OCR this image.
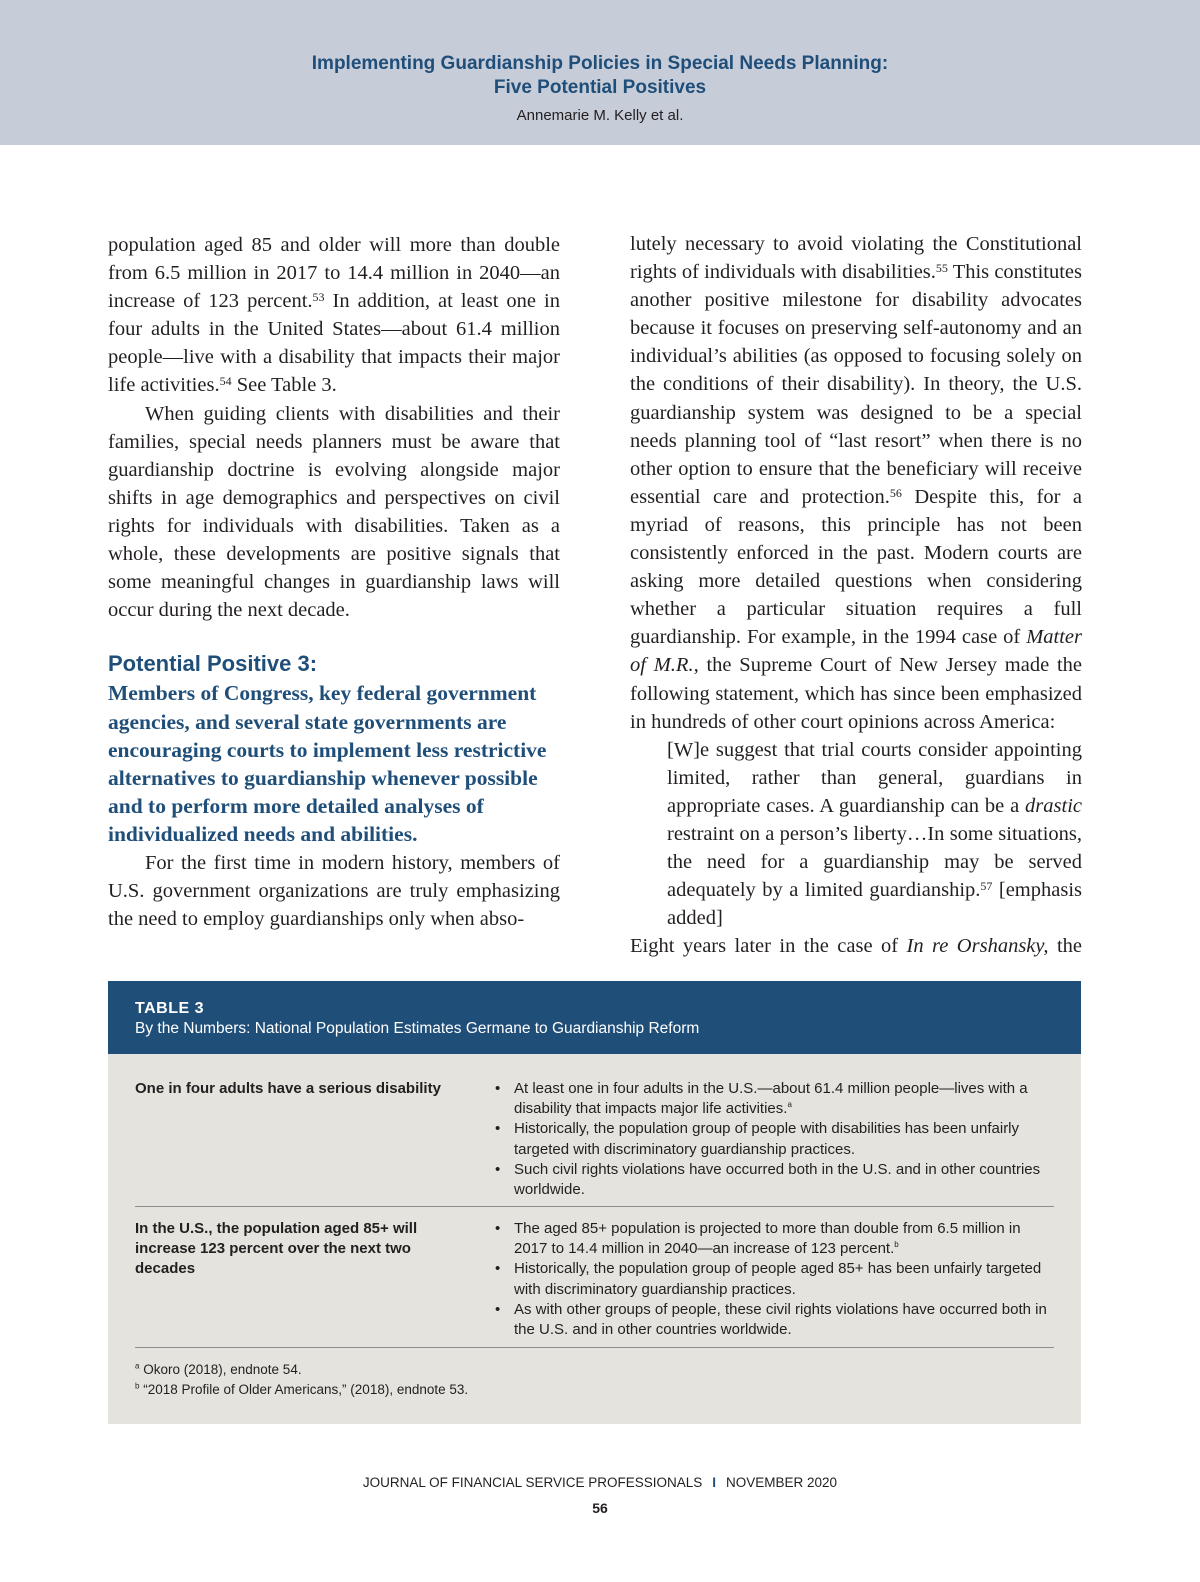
Implementing Guardianship Policies in Special Needs Planning:
Five Potential Positives
Annemarie M. Kelly et al.

population aged 85 and older will more than double from 6.5 million in 2017 to 14.4 million in 2040—an increase of 123 percent.$^{53}$ In addition, at least one in four adults in the United States—about 61.4 million people—live with a disability that impacts their major life activities.$^{54}$ See Table 3.

When guiding clients with disabilities and their families, special needs planners must be aware that guardianship doctrine is evolving alongside major shifts in age demographics and perspectives on civil rights for individuals with disabilities. Taken as a whole, these developments are positive signals that some meaningful changes in guardianship laws will occur during the next decade.

Potential Positive 3:

Members of Congress, key federal government agencies, and several state governments are encouraging courts to implement less restrictive alternatives to guardianship whenever possible and to perform more detailed analyses of individualized needs and abilities.

For the first time in modern history, members of U.S. government organizations are truly emphasizing the need to employ guardianships only when abso-

lutely necessary to avoid violating the Constitutional rights of individuals with disabilities.$^{55}$ This constitutes another positive milestone for disability advocates because it focuses on preserving self-autonomy and an individual’s abilities (as opposed to focusing solely on the conditions of their disability). In theory, the U.S. guardianship system was designed to be a special needs planning tool of “last resort” when there is no other option to ensure that the beneficiary will receive essential care and protection.$^{56}$ Despite this, for a myriad of reasons, this principle has not been consistently enforced in the past. Modern courts are asking more detailed questions when considering whether a particular situation requires a full guardianship. For example, in the 1994 case of Matter of M.R., the Supreme Court of New Jersey made the following statement, which has since been emphasized in hundreds of other court opinions across America:

[W]e suggest that trial courts consider appointing limited, rather than general, guardians in appropriate cases. A guardianship can be a drastic restraint on a person’s liberty…In some situations, the need for a guardianship may be served adequately by a limited guardianship.$^{57}$ [emphasis added]

Eight years later in the case of In re Orshansky, the

TABLE 3
By the Numbers: National Population Estimates Germane to Guardianship Reform
One in four adults have a serious disability
•	At least one in four adults in the U.S.—about 61.4 million people—lives with a disability that impacts major life activities.$^a$
• Historically, the population group of people with disabilities has been unfairly targeted with discriminatory guardianship practices.
• Such civil rights violations have occurred both in the U.S. and in other countries worldwide.
In the U.S., the population aged 85+ will increase 123 percent over the next two decades
• The aged 85+ population is projected to more than double from 6.5 million in 2017 to 14.4 million in 2040—an increase of 123 percent.$^b$
• Historically, the population group of people aged 85+ has been unfairly targeted with discriminatory guardianship practices.
• As with other groups of people, these civil rights violations have occurred both in the U.S. and in other countries worldwide.
$^a$ Okoro (2018), endnote 54.
$^b$ “2018 Profile of Older Americans,” (2018), endnote 53.
JOURNAL OF FINANCIAL SERVICE PROFESSIONALS I NOVEMBER 2020
56
